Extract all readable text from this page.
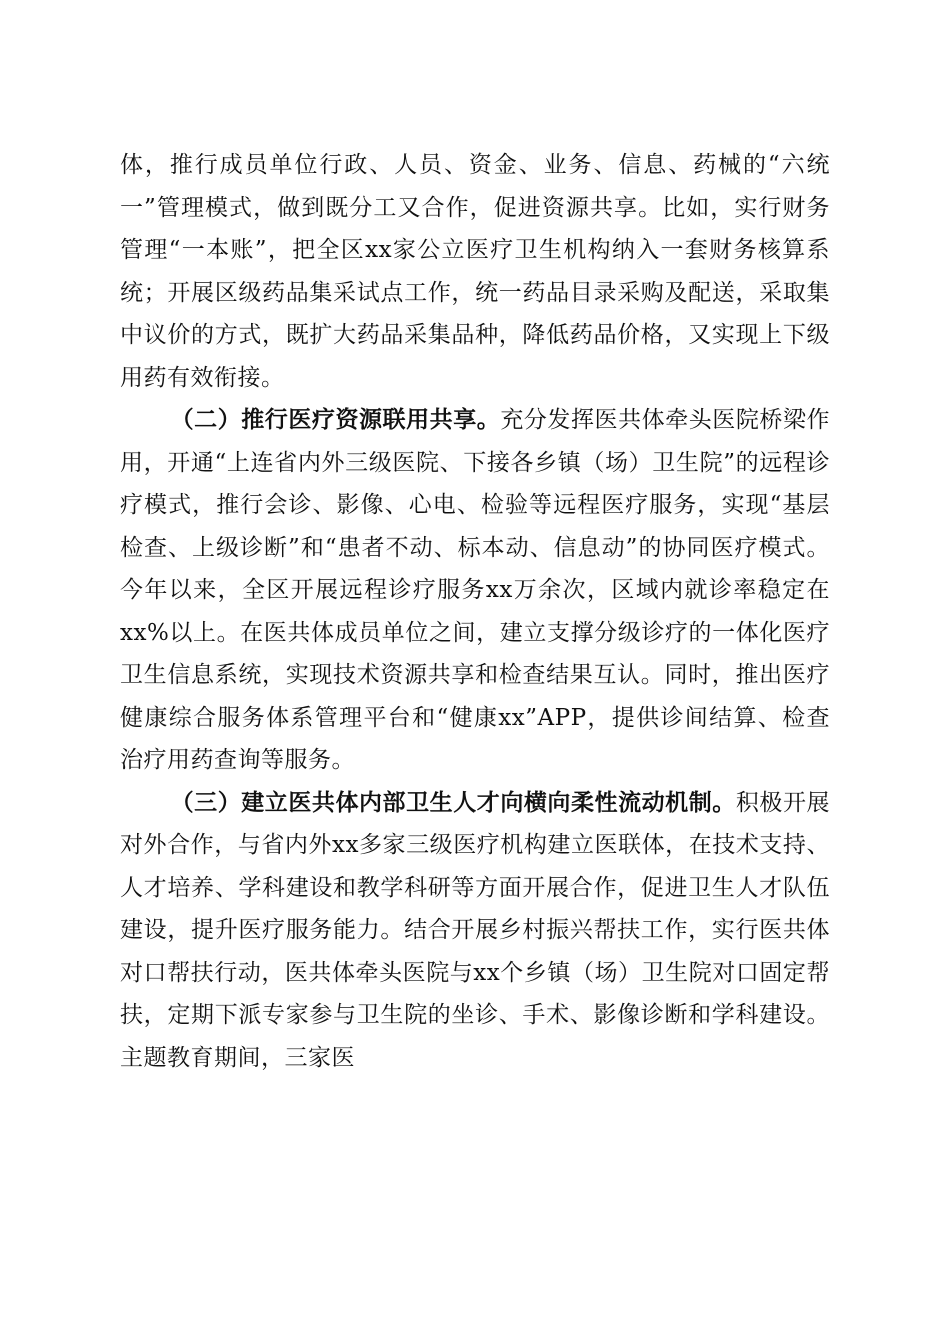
体，推行成员单位行政、人员、资金、业务、信息、药械的“六统一”管理模式，做到既分工又合作，促进资源共享。比如，实行财务管理“一本账”，把全区xx家公立医疗卫生机构纳入一套财务核算系统；开展区级药品集采试点工作，统一药品目录采购及配送，采取集中议价的方式，既扩大药品采集品种，降低药品价格，又实现上下级用药有效衔接。

（二）推行医疗资源联用共享。充分发挥医共体牵头医院桥梁作用，开通“上连省内外三级医院、下接各乡镇（场）卫生院”的远程诊疗模式，推行会诊、影像、心电、检验等远程医疗服务，实现“基层检查、上级诊断”和“患者不动、标本动、信息动”的协同医疗模式。今年以来，全区开展远程诊疗服务xx万余次，区域内就诊率稳定在xx%以上。在医共体成员单位之间，建立支撑分级诊疗的一体化医疗卫生信息系统，实现技术资源共享和检查结果互认。同时，推出医疗健康综合服务体系管理平台和“健康xx”APP，提供诊间结算、检查治疗用药查询等服务。

（三）建立医共体内部卫生人才向横向柔性流动机制。积极开展对外合作，与省内外xx多家三级医疗机构建立医联体，在技术支持、人才培养、学科建设和教学科研等方面开展合作，促进卫生人才队伍建设，提升医疗服务能力。结合开展乡村振兴帮扶工作，实行医共体对口帮扶行动，医共体牵头医院与xx个乡镇（场）卫生院对口固定帮扶，定期下派专家参与卫生院的坐诊、手术、影像诊断和学科建设。主题教育期间，三家医
